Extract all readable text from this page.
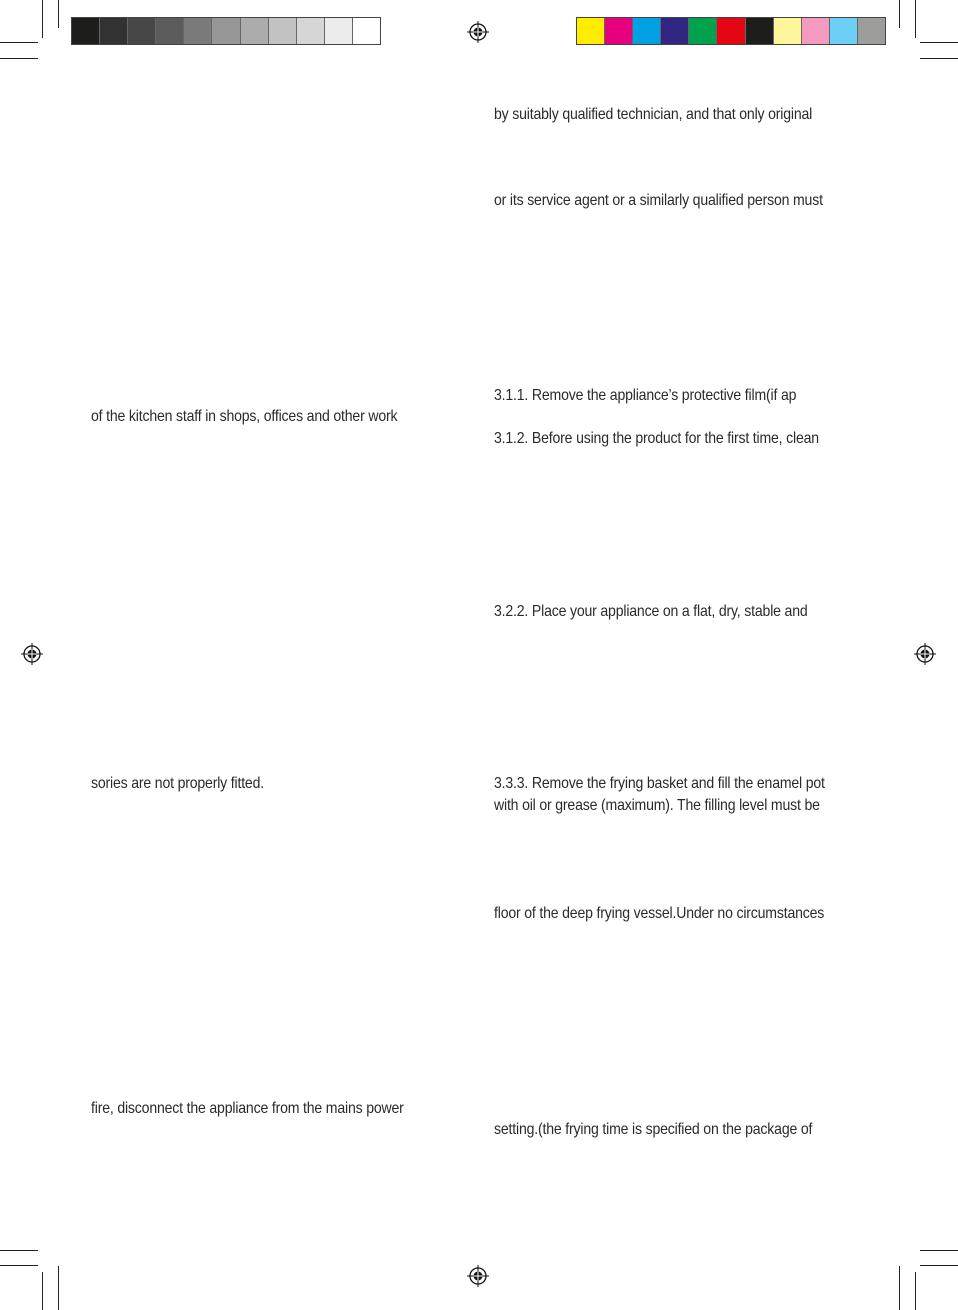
of the kitchen staff in shops, offices and other work

sories are not properly fitted.

fire, disconnect the appliance from the mains power

by suitably qualified technician, and that only original

or its service agent or a similarly qualified person must

3.1.1. Remove the appliance’s protective film(if ap

3.1.2. Before using the product for the first time, clean

3.2.2. Place your appliance on a flat, dry, stable and

3.3.3. Remove the frying basket and fill the enamel pot

with oil or grease (maximum). The filling level must be

floor of the deep frying vessel.Under no circumstances

setting.(the frying time is specified on the package of
